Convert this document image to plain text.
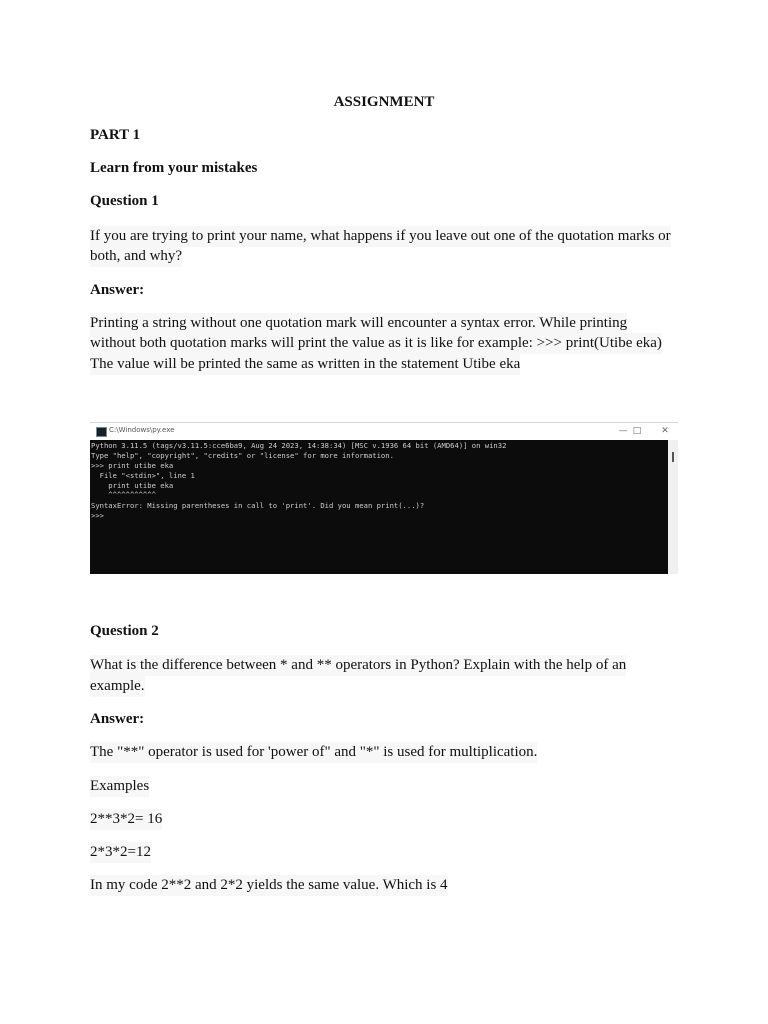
ASSIGNMENT
PART 1
Learn from your mistakes
Question 1
If you are trying to print your name, what happens if you leave out one of the quotation marks or
both, and why?
Answer:
Printing a string without one quotation mark will encounter a syntax error. While printing
without both quotation marks will print the value as it is like for example: >>> print(Utibe eka)
The value will be printed the same as written in the statement Utibe eka
C:\Windows\py.exe	— □	✕
Python 3.11.5 (tags/v3.11.5:cce6ba9, Aug 24 2023, 14:38:34) [MSC v.1936 64 bit (AMD64)] on win32
Type "help", "copyright", "credits" or "license" for more information.
>>> print utibe eka
File "<stdin>", line 1
print utibe eka
^^^^^^^^^^^
SyntaxError: Missing parentheses in call to 'print'. Did you mean print(...)?
>>>
Question 2
What is the difference between * and ** operators in Python? Explain with the help of an
example.
Answer:
The "**" operator is used for 'power of" and "*" is used for multiplication.
Examples
2**3*2= 16
2*3*2=12
In my code 2**2 and 2*2 yields the same value. Which is 4
